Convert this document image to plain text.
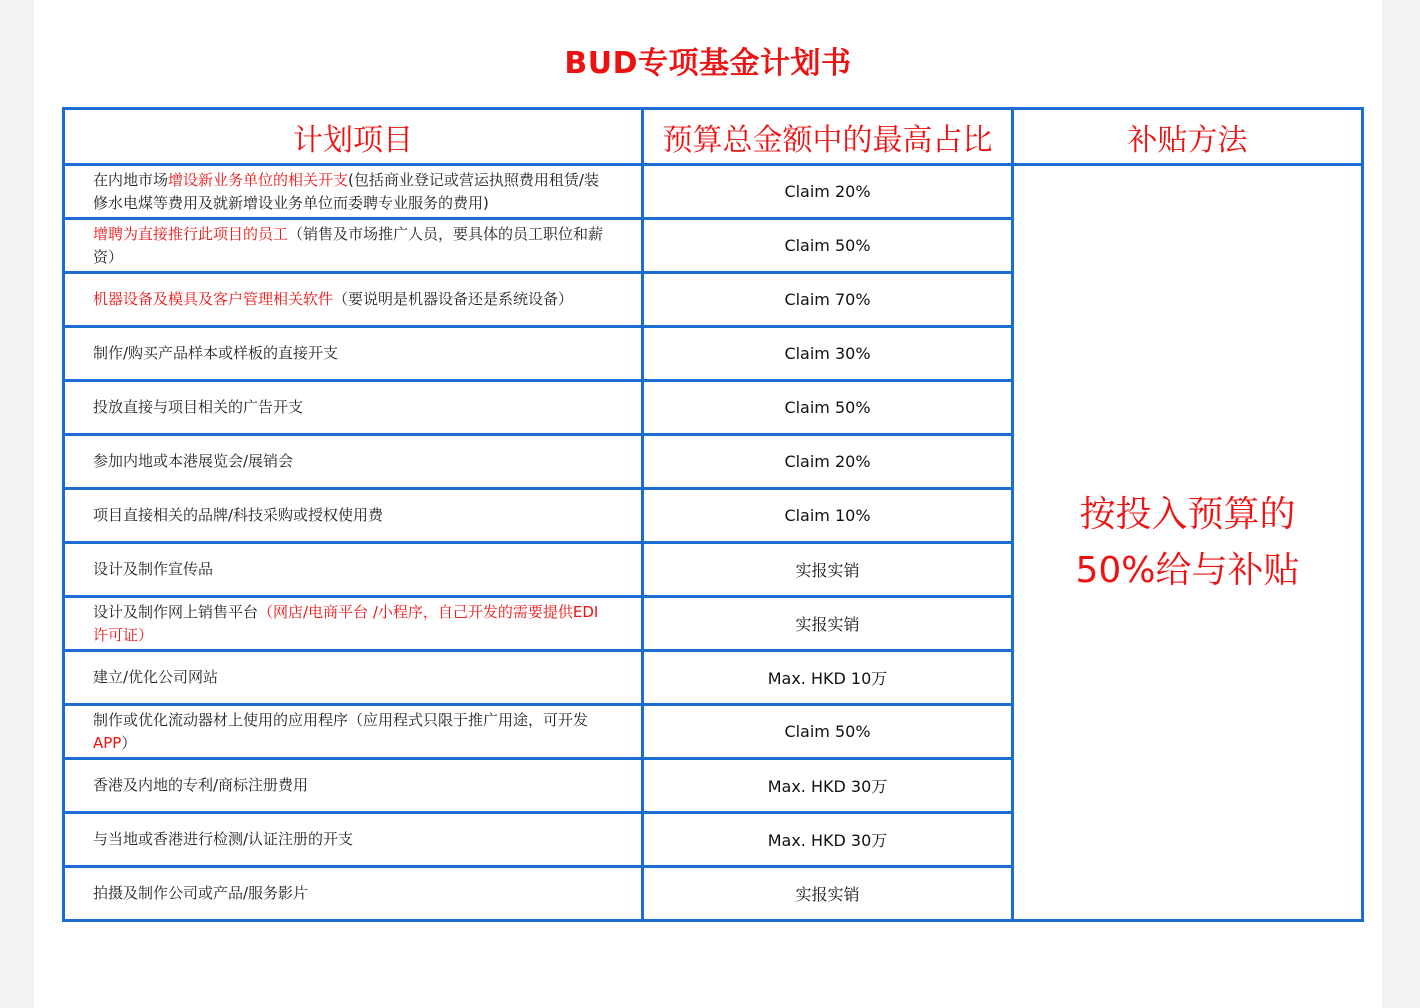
BUD专项基金计划书
计划项目	预算总金额中的最高占比	补贴方法
在内地市场增设新业务单位的相关开支(包括商业登记或营运执照费用租赁/装修水电煤等费用及就新增设业务单位而委聘专业服务的费用)	Claim 20%	按投入预算的
50%给与补贴

增聘为直接推行此项目的员工（销售及市场推广人员，要具体的员工职位和薪资）	Claim 50%	
机器设备及模具及客户管理相关软件（要说明是机器设备还是系统设备）	Claim 70%	
制作/购买产品样本或样板的直接开支	Claim 30%	
投放直接与项目相关的广告开支	Claim 50%	
参加内地或本港展览会/展销会	Claim 20%	
项目直接相关的品牌/科技采购或授权使用费	Claim 10%	
设计及制作宣传品	实报实销	
设计及制作网上销售平台（网店/电商平台 /小程序，自己开发的需要提供EDI许可证）	实报实销	
建立/优化公司网站	Max. HKD 10万	
制作或优化流动器材上使用的应用程序（应用程式只限于推广用途，可开发APP）	Claim 50%	
香港及内地的专利/商标注册费用	Max. HKD 30万	
与当地或香港进行检测/认证注册的开支	Max. HKD 30万	
拍摄及制作公司或产品/服务影片	实报实销	
